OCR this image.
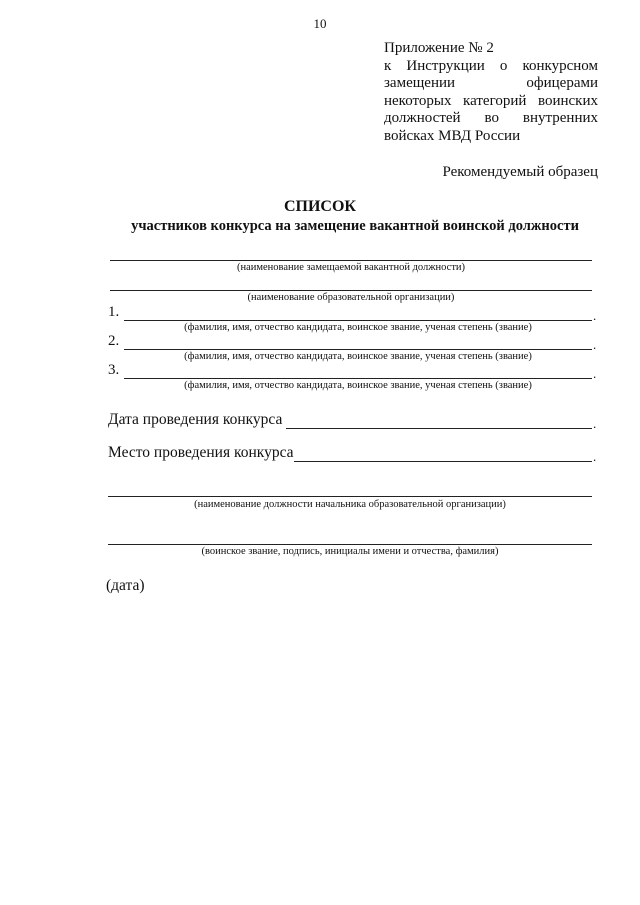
10
Приложение № 2
к Инструкции о конкурсном
замещении офицерами
некоторых категорий воинских
должностей во внутренних
войсках МВД России
Рекомендуемый образец
СПИСОК
участников конкурса на замещение вакантной воинской должности
(наименование замещаемой вакантной должности)
(наименование образовательной организации)
1.	.
(фамилия, имя, отчество кандидата, воинское звание, ученая степень (звание)
2.	.
(фамилия, имя, отчество кандидата, воинское звание, ученая степень (звание)
3.	.
(фамилия, имя, отчество кандидата, воинское звание, ученая степень (звание)
Дата проведения конкурса	.
Место проведения конкурса	.
(наименование должности начальника образовательной организации)
(воинское звание, подпись, инициалы имени и отчества, фамилия)
(дата)
